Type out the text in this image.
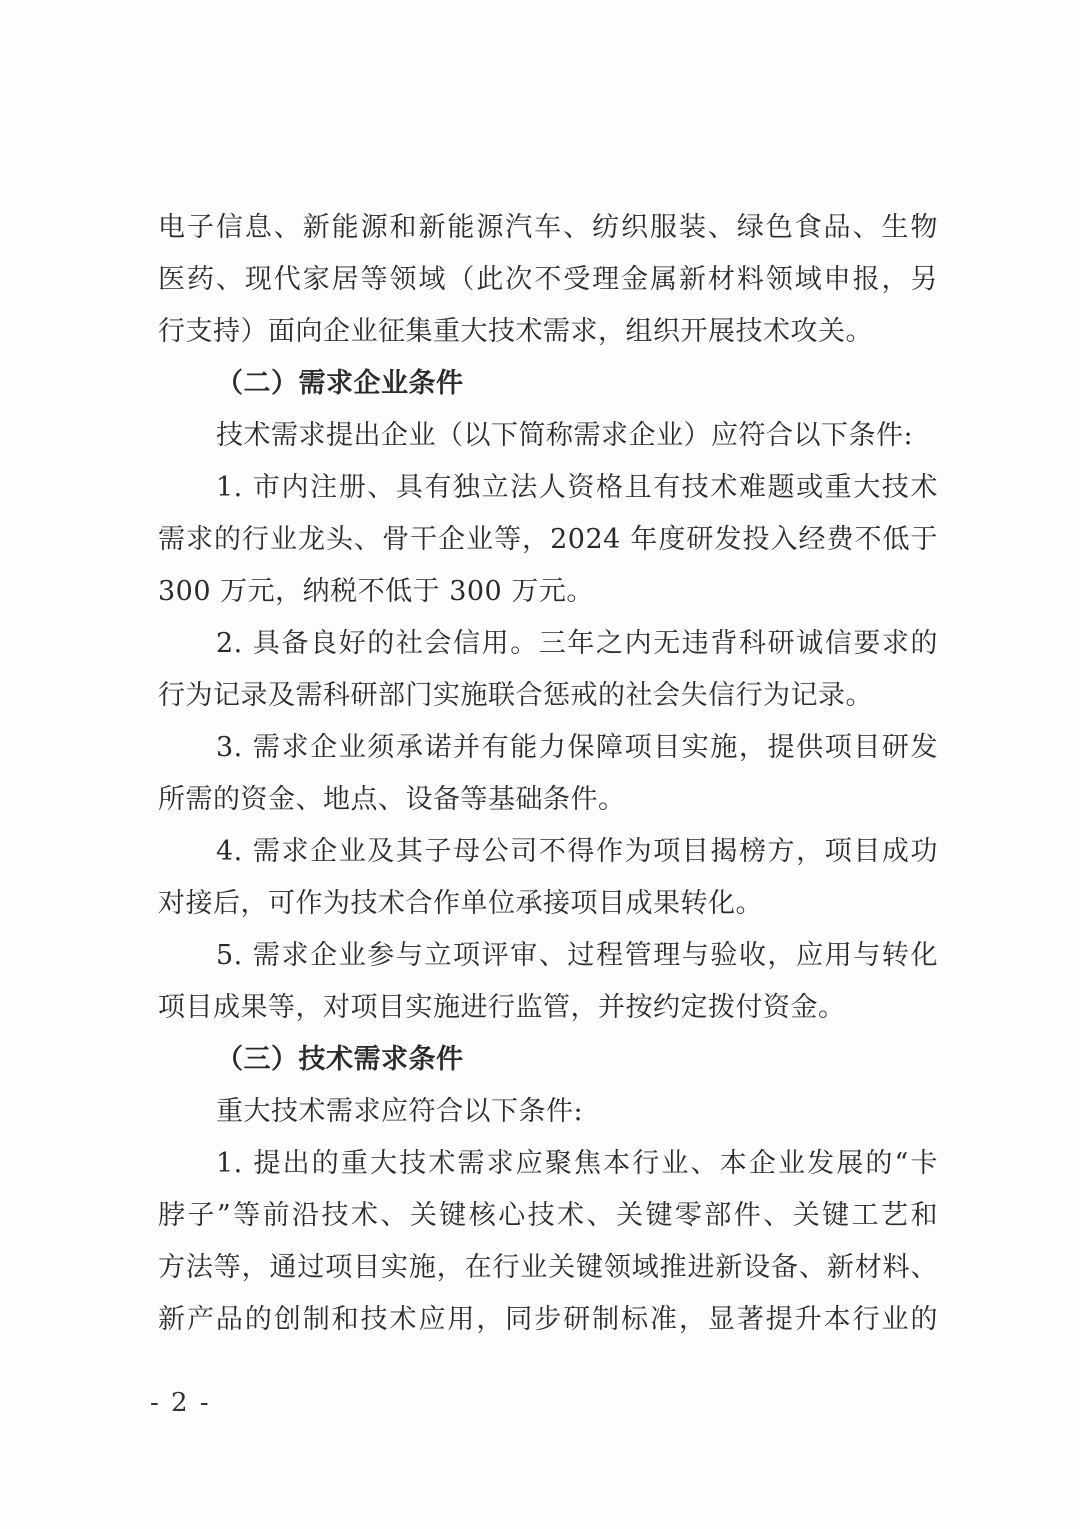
电子信息、新能源和新能源汽车、纺织服装、绿色食品、生物
医药、现代家居等领域（此次不受理金属新材料领域申报，另
行支持）面向企业征集重大技术需求，组织开展技术攻关。
（二）需求企业条件
技术需求提出企业（以下简称需求企业）应符合以下条件:
1. 市内注册、具有独立法人资格且有技术难题或重大技术
需求的行业龙头、骨干企业等，2024 年度研发投入经费不低于
300 万元，纳税不低于 300 万元。
2. 具备良好的社会信用。三年之内无违背科研诚信要求的
行为记录及需科研部门实施联合惩戒的社会失信行为记录。
3. 需求企业须承诺并有能力保障项目实施，提供项目研发
所需的资金、地点、设备等基础条件。
4. 需求企业及其子母公司不得作为项目揭榜方，项目成功
对接后，可作为技术合作单位承接项目成果转化。
5. 需求企业参与立项评审、过程管理与验收，应用与转化
项目成果等，对项目实施进行监管，并按约定拨付资金。
（三）技术需求条件
重大技术需求应符合以下条件:
1. 提出的重大技术需求应聚焦本行业、本企业发展的“卡
脖子”等前沿技术、关键核心技术、关键零部件、关键工艺和
方法等，通过项目实施，在行业关键领域推进新设备、新材料、
新产品的创制和技术应用，同步研制标准，显著提升本行业的
- 2 -
